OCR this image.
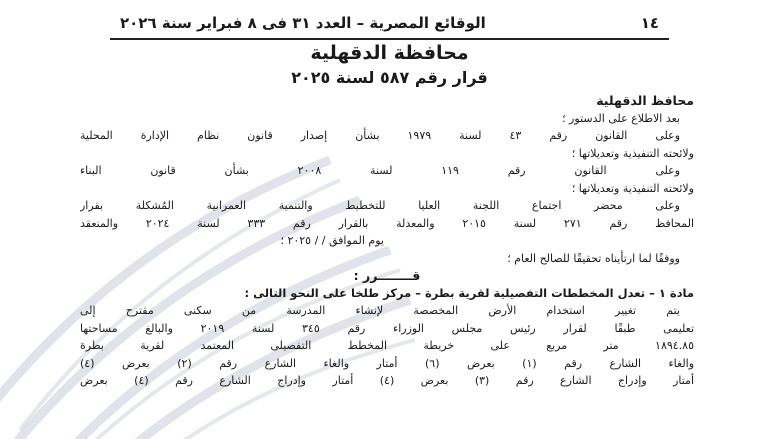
١٤
الوقائع المصرية – العدد ٣١ فى ٨ فبراير سنة ٢٠٢٦
محافظة الدقهلية
قرار رقم ٥٨٧ لسنة ٢٠٢٥
محافظ الدقهلية
بعد الاطلاع على الدستور ؛
وعلى القانون رقم ٤٣ لسنة ١٩٧٩ بشأن إصدار قانون نظام الإدارة المحلية
ولائحته التنفيذية وتعديلاتها ؛
وعلى القانون رقم ١١٩ لسنة ٢٠٠٨ بشأن قانون البناء
ولائحته التنفيذية وتعديلاتها ؛
وعلى محضر اجتماع اللجنة العليا للتخطيط والتنمية العمرانية المُشكلة بقرار
المحافظ رقم ٢٧١ لسنة ٢٠١٥ والمعدلة بالقرار رقم ٣٣٣ لسنة ٢٠٢٤ والمنعقد
يوم الموافق / / ٢٠٢٥ ؛
ووفقًا لما ارتأيناه تحقيقًا للصالح العام ؛
قــــــــرر :
مادة ١ – تعدل المخططات التفصيلية لقرية بطرة – مركز طلخا على النحو التالى :
يتم تغيير استخدام الأرض المخصصة لإنشاء المدرسة من سكنى مقترح إلى
تعليمى طبقًا لقرار رئيس مجلس الوزراء رقم ٣٤٥ لسنة ٢٠١٩ والبالغ مساحتها
١٨٩٤.٨٥ متر مربع على خريطة المخطط التفصيلى المعتمد لقرية بطرة
والغاء الشارع رقم (١) بعرض (٦) أمتار والغاء الشارع رقم (٢) بعرض (٤)
أمتار وإدراج الشارع رقم (٣) بعرض (٤) أمتار وإدراج الشارع رقم (٤) بعرض
